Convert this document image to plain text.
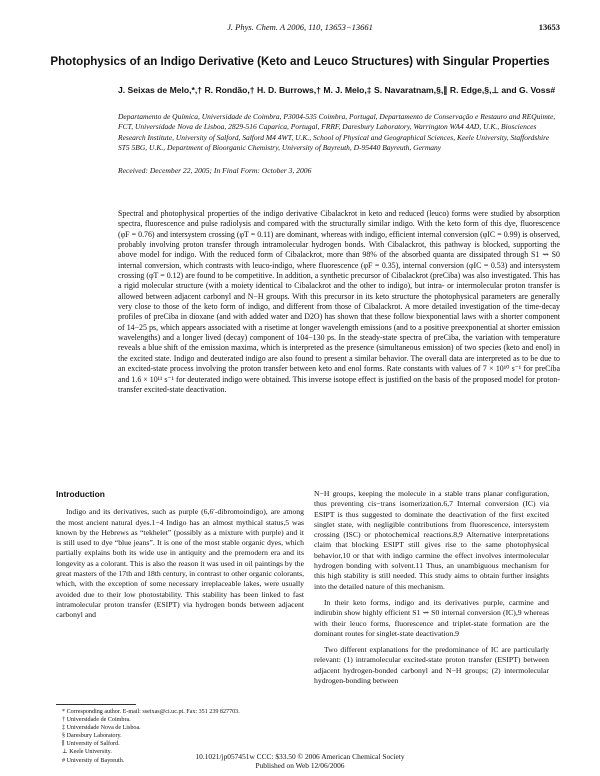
J. Phys. Chem. A 2006, 110, 13653−13661	13653
Photophysics of an Indigo Derivative (Keto and Leuco Structures) with Singular Properties
J. Seixas de Melo,*,† R. Rondão,† H. D. Burrows,† M. J. Melo,‡ S. Navaratnam,§,∥ R. Edge,§,⊥ and G. Voss#
Departamento de Química, Universidade de Coimbra, P3004-535 Coimbra, Portugal, Departamento de Conservação e Restauro and REQuimte, FCT, Universidade Nova de Lisboa, 2829-516 Caparica, Portugal, FRRF, Daresbury Laboratory, Warrington WA4 4AD, U.K., Biosciences Research Institute, University of Salford, Salford M4 4WT, U.K., School of Physical and Geographical Sciences, Keele University, Staffordshire ST5 5BG, U.K., Department of Bioorganic Chemistry, University of Bayreuth, D-95440 Bayreuth, Germany
Received: December 22, 2005; In Final Form: October 3, 2006
Spectral and photophysical properties of the indigo derivative Cibalackrot in keto and reduced (leuco) forms were studied by absorption spectra, fluorescence and pulse radiolysis and compared with the structurally similar indigo. With the keto form of this dye, fluorescence (φF = 0.76) and intersystem crossing (φT = 0.11) are dominant, whereas with indigo, efficient internal conversion (φIC = 0.99) is observed, probably involving proton transfer through intramolecular hydrogen bonds. With Cibalackrot, this pathway is blocked, supporting the above model for indigo. With the reduced form of Cibalackrot, more than 98% of the absorbed quanta are dissipated through S1 ⇝ S0 internal conversion, which contrasts with leuco-indigo, where fluorescence (φF = 0.35), internal conversion (φIC = 0.53) and intersystem crossing (φT = 0.12) are found to be competitive. In addition, a synthetic precursor of Cibalackrot (preCiba) was also investigated. This has a rigid molecular structure (with a moiety identical to Cibalackrot and the other to indigo), but intra- or intermolecular proton transfer is allowed between adjacent carbonyl and N−H groups. With this precursor in its keto structure the photophysical parameters are generally very close to those of the keto form of indigo, and different from those of Cibalackrot. A more detailed investigation of the time-decay profiles of preCiba in dioxane (and with added water and D2O) has shown that these follow biexponential laws with a shorter component of 14−25 ps, which appears associated with a risetime at longer wavelength emissions (and to a positive preexponential at shorter emission wavelengths) and a longer lived (decay) component of 104−130 ps. In the steady-state spectra of preCiba, the variation with temperature reveals a blue shift of the emission maxima, which is interpreted as the presence (simultaneous emission) of two species (keto and enol) in the excited state. Indigo and deuterated indigo are also found to present a similar behavior. The overall data are interpreted as to be due to an excited-state process involving the proton transfer between keto and enol forms. Rate constants with values of 7 × 10¹⁰ s⁻¹ for preCiba and 1.6 × 10¹¹ s⁻¹ for deuterated indigo were obtained. This inverse isotope effect is justified on the basis of the proposed model for proton-transfer excited-state deactivation.
Introduction

Indigo and its derivatives, such as purple (6,6′-dibromoindigo), are among the most ancient natural dyes.1−4 Indigo has an almost mythical status,5 was known by the Hebrews as “tekhelet” (possibly as a mixture with purple) and it is still used to dye “blue jeans”. It is one of the most stable organic dyes, which partially explains both its wide use in antiquity and the premodern era and its longevity as a colorant. This is also the reason it was used in oil paintings by the great masters of the 17th and 18th century, in contrast to other organic colorants, which, with the exception of some necessary irreplaceable lakes, were usually avoided due to their low photostability. This stability has been linked to fast intramolecular proton transfer (ESIPT) via hydrogen bonds between adjacent carbonyl and

N−H groups, keeping the molecule in a stable trans planar configuration, thus preventing cis−trans isomerization.6,7 Internal conversion (IC) via ESIPT is thus suggested to dominate the deactivation of the first excited singlet state, with negligible contributions from fluorescence, intersystem crossing (ISC) or photochemical reactions.8,9 Alternative interpretations claim that blocking ESIPT still gives rise to the same photophysical behavior,10 or that with indigo carmine the effect involves intermolecular hydrogen bonding with solvent.11 Thus, an unambiguous mechanism for this high stability is still needed. This study aims to obtain further insights into the detailed nature of this mechanism.

In their keto forms, indigo and its derivatives purple, carmine and indirubin show highly efficient S1 ⇝ S0 internal conversion (IC),9 whereas with their leuco forms, fluorescence and triplet-state formation are the dominant routes for singlet-state deactivation.9

Two different explanations for the predominance of IC are particularly relevant: (1) intramolecular excited-state proton transfer (ESIPT) between adjacent hydrogen-bonded carbonyl and N−H groups; (2) intermolecular hydrogen-bonding between

* Corresponding author. E-mail: sseixas@ci.uc.pt. Fax: 351 239 827703.
† Universidade de Coimbra.
‡ Universidade Nova de Lisboa.
§ Daresbury Laboratory.
∥ University of Salford.
⊥ Keele University.
# University of Bayreuth.	10.1021/jp057451w CCC: $33.50 © 2006 American Chemical Society
Published on Web 12/06/2006
